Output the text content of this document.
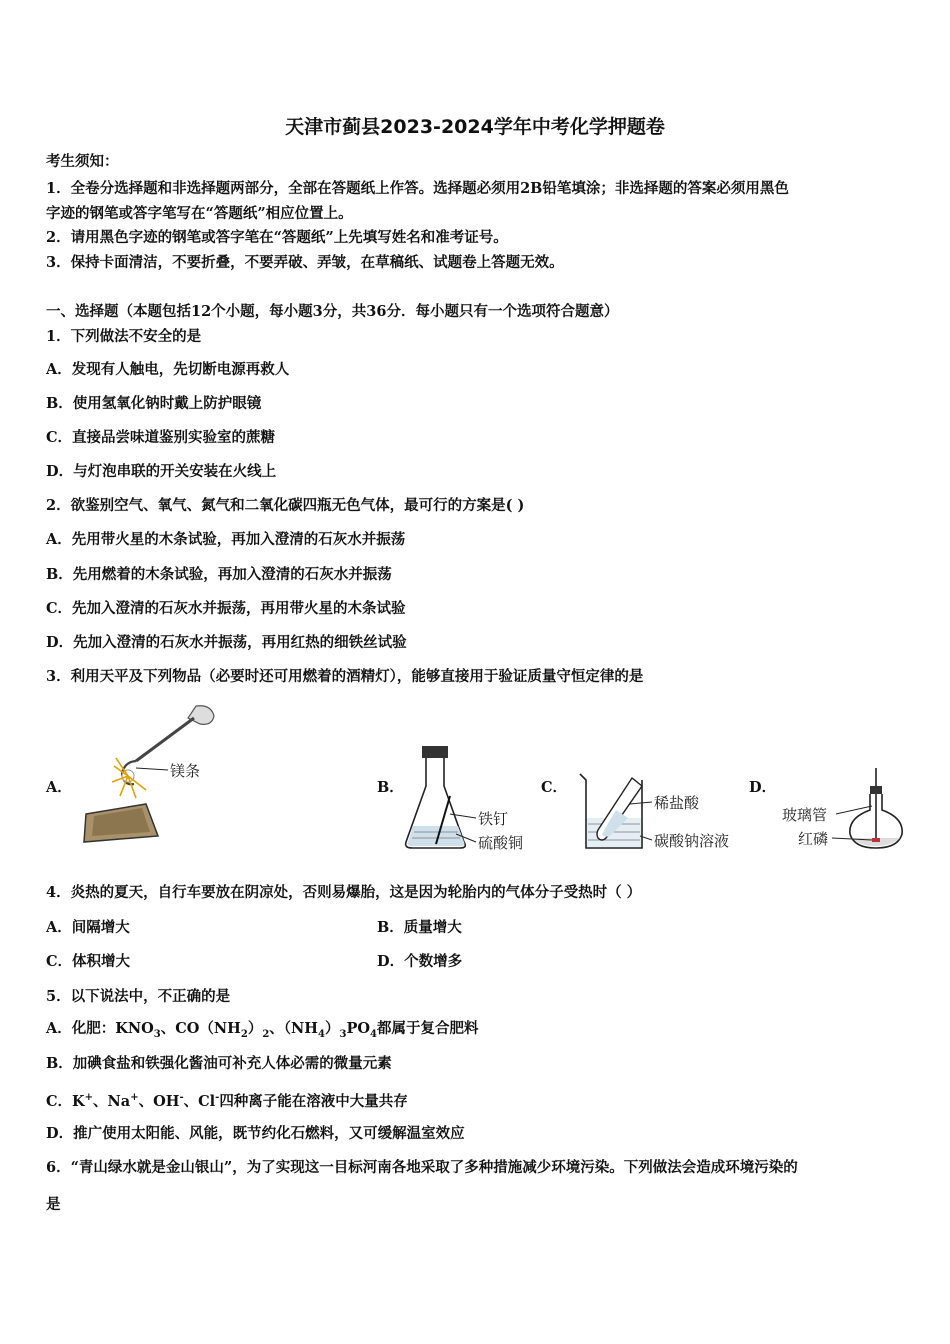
天津市蓟县2023-2024学年中考化学押题卷
考生须知：
1．全卷分选择题和非选择题两部分，全部在答题纸上作答。选择题必须用2B铅笔填涂；非选择题的答案必须用黑色
字迹的钢笔或答字笔写在“答题纸”相应位置上。
2．请用黑色字迹的钢笔或答字笔在“答题纸”上先填写姓名和准考证号。
3．保持卡面清洁，不要折叠，不要弄破、弄皱，在草稿纸、试题卷上答题无效。
一、选择题（本题包括12个小题，每小题3分，共36分．每小题只有一个选项符合题意）
1．下列做法不安全的是
A．发现有人触电，先切断电源再救人
B．使用氢氧化钠时戴上防护眼镜
C．直接品尝味道鉴别实验室的蔗糖
D．与灯泡串联的开关安装在火线上
2．欲鉴别空气、氧气、氮气和二氧化碳四瓶无色气体，最可行的方案是( )
A．先用带火星的木条试验，再加入澄清的石灰水并振荡
B．先用燃着的木条试验，再加入澄清的石灰水并振荡
C．先加入澄清的石灰水并振荡，再用带火星的木条试验
D．先加入澄清的石灰水并振荡，再用红热的细铁丝试验
3．利用天平及下列物品（必要时还可用燃着的酒精灯），能够直接用于验证质量守恒定律的是
A．
镁条
B．
铁钉
硫酸铜
C．
稀盐酸
碳酸钠溶液
D．
玻璃管
红磷
4．炎热的夏天，自行车要放在阴凉处，否则易爆胎，这是因为轮胎内的气体分子受热时（ ）
A．间隔增大	B．质量增大
C．体积增大	D．个数增多
5．以下说法中，不正确的是
A．化肥：$KNO_3$、$CO(NH_2)_2$、$(NH_4)_3PO_4$都属于复合肥料
B．加碘食盐和铁强化酱油可补充人体必需的微量元素
C．K+、Na+、OH-、Cl-四种离子能在溶液中大量共存
D．推广使用太阳能、风能，既节约化石燃料，又可缓解温室效应
6．“青山绿水就是金山银山”，为了实现这一目标河南各地采取了多种措施减少环境污染。下列做法会造成环境污染的
是
